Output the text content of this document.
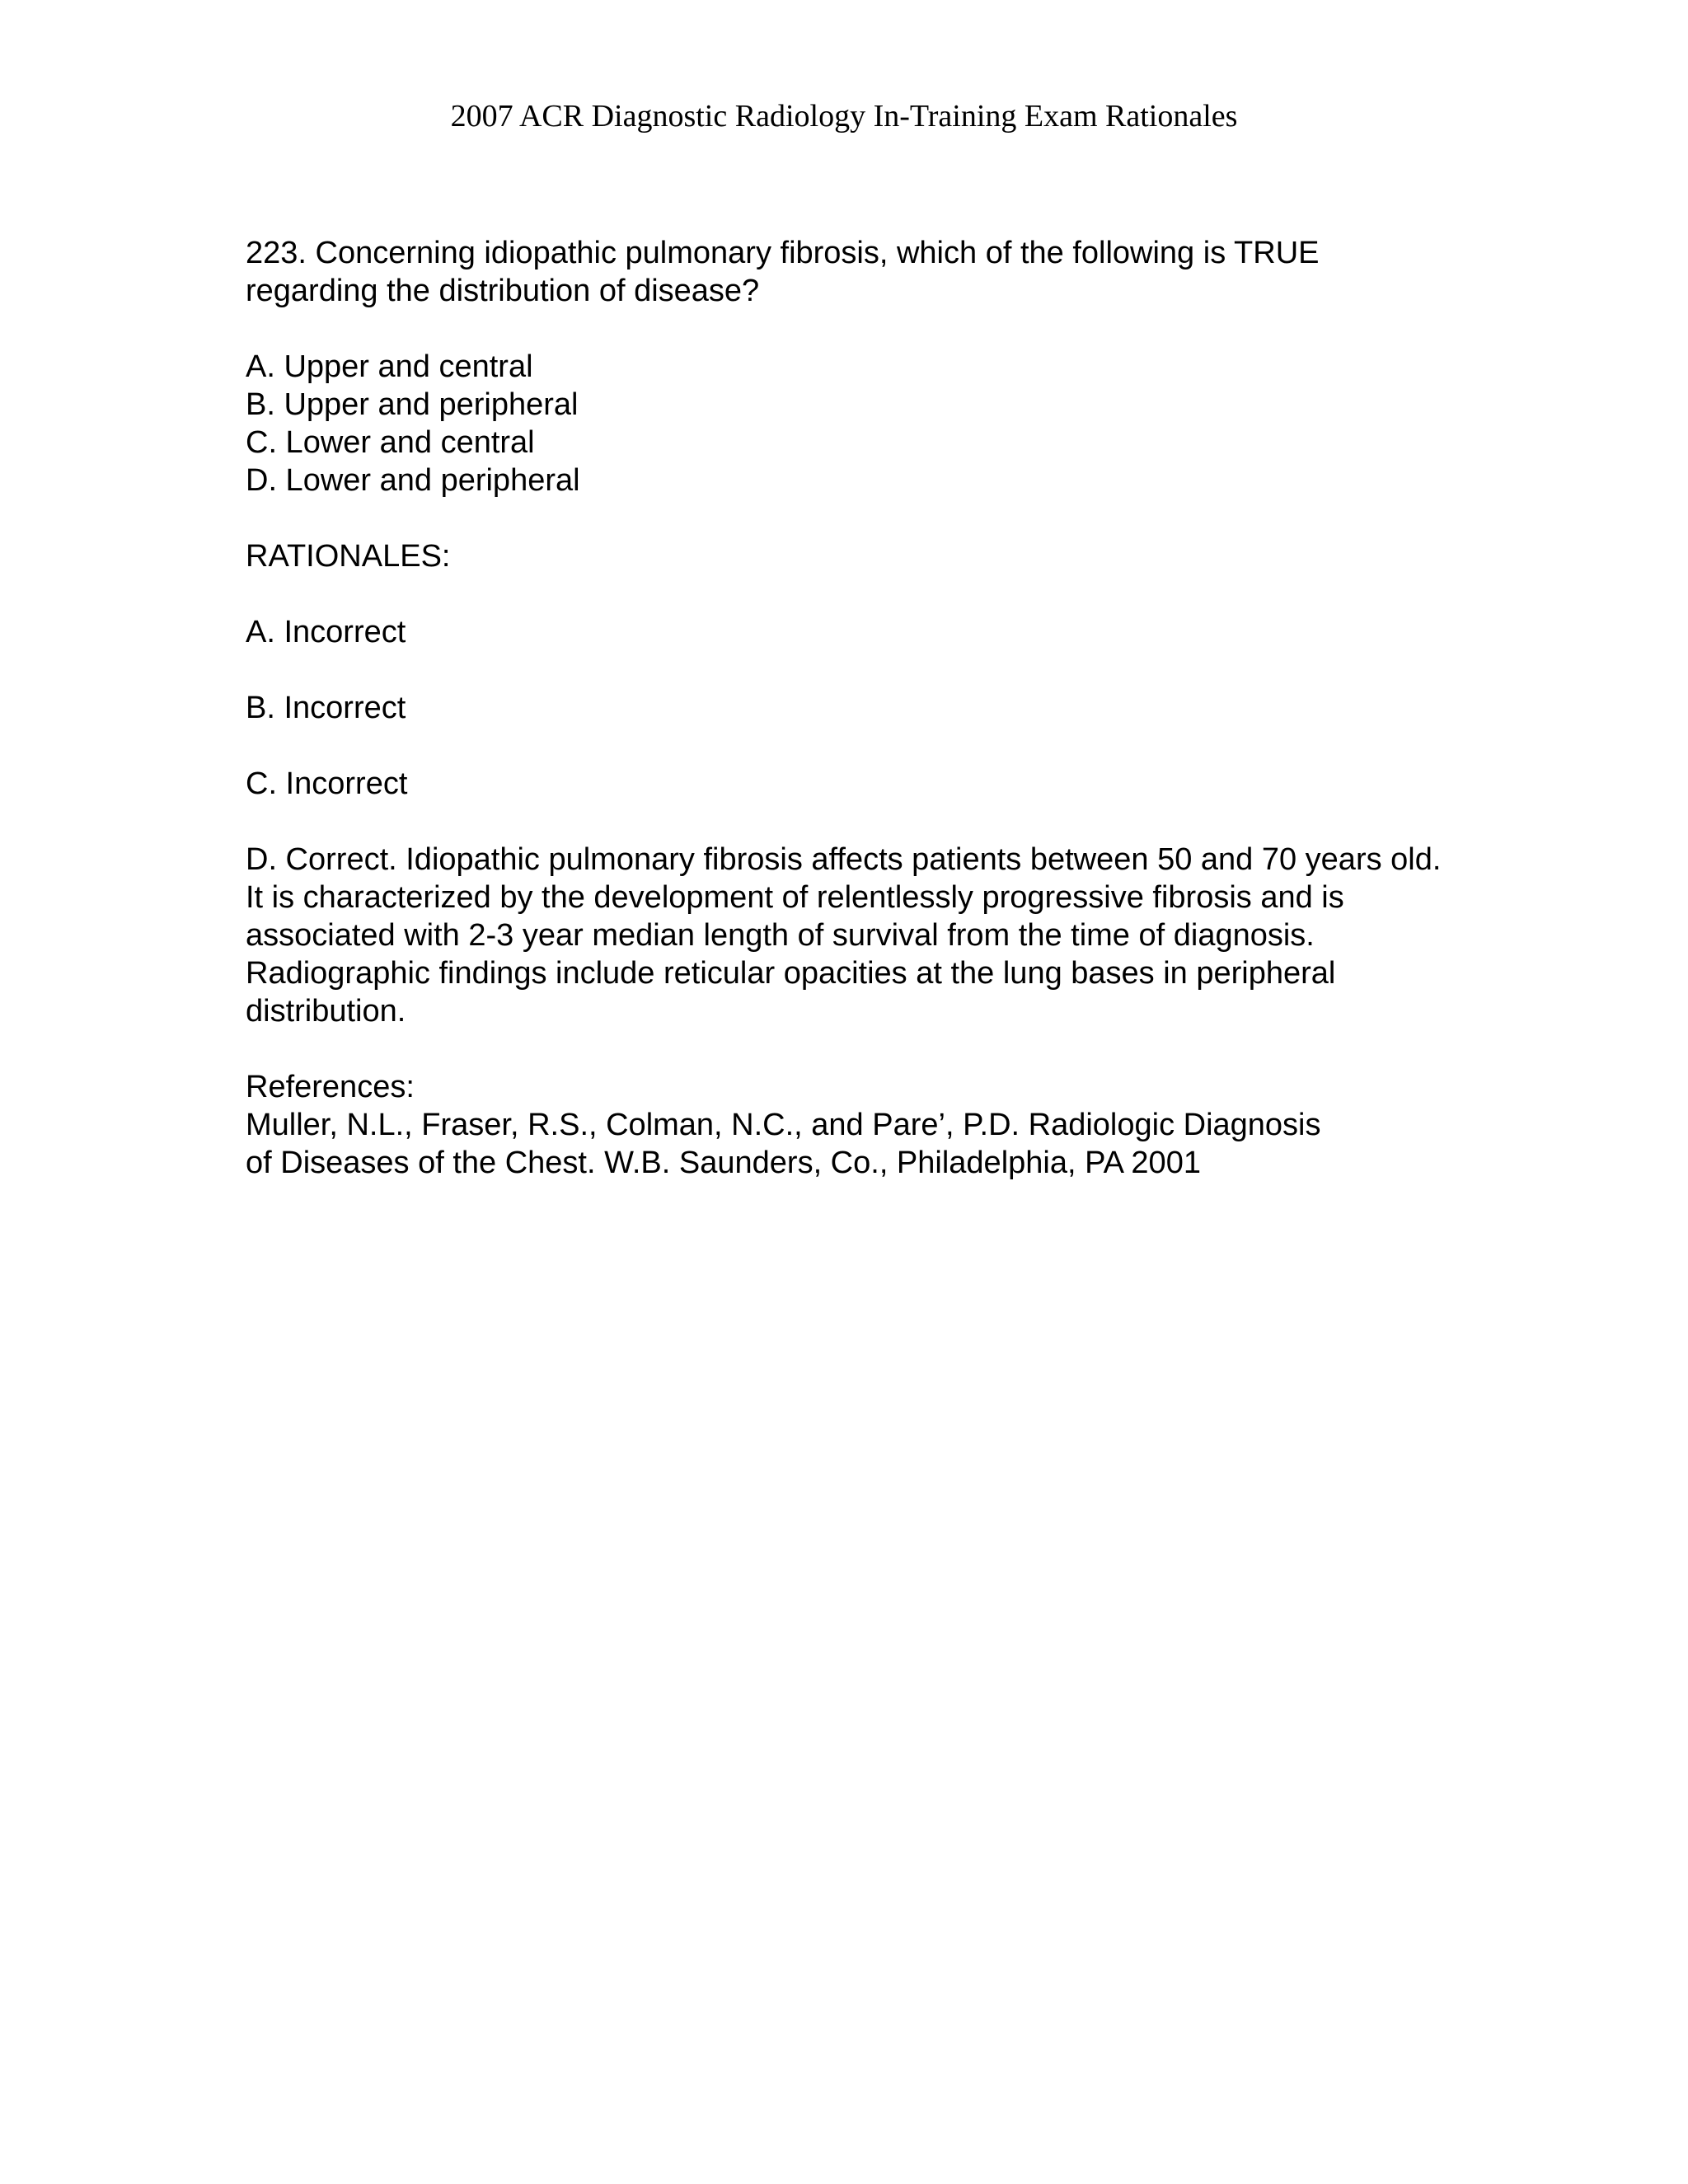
2007 ACR Diagnostic Radiology In-Training Exam Rationales
223. Concerning idiopathic pulmonary fibrosis, which of the following is TRUE
regarding the distribution of disease?
A. Upper and central
B. Upper and peripheral
C. Lower and central
D. Lower and peripheral
RATIONALES:
A. Incorrect
B. Incorrect
C. Incorrect
D. Correct. Idiopathic pulmonary fibrosis affects patients between 50 and 70 years old.
It is characterized by the development of relentlessly progressive fibrosis and is
associated with 2-3 year median length of survival from the time of diagnosis.
Radiographic findings include reticular opacities at the lung bases in peripheral
distribution.
References:
Muller, N.L., Fraser, R.S., Colman, N.C., and Pare’, P.D. Radiologic Diagnosis
of Diseases of the Chest. W.B. Saunders, Co., Philadelphia, PA 2001
